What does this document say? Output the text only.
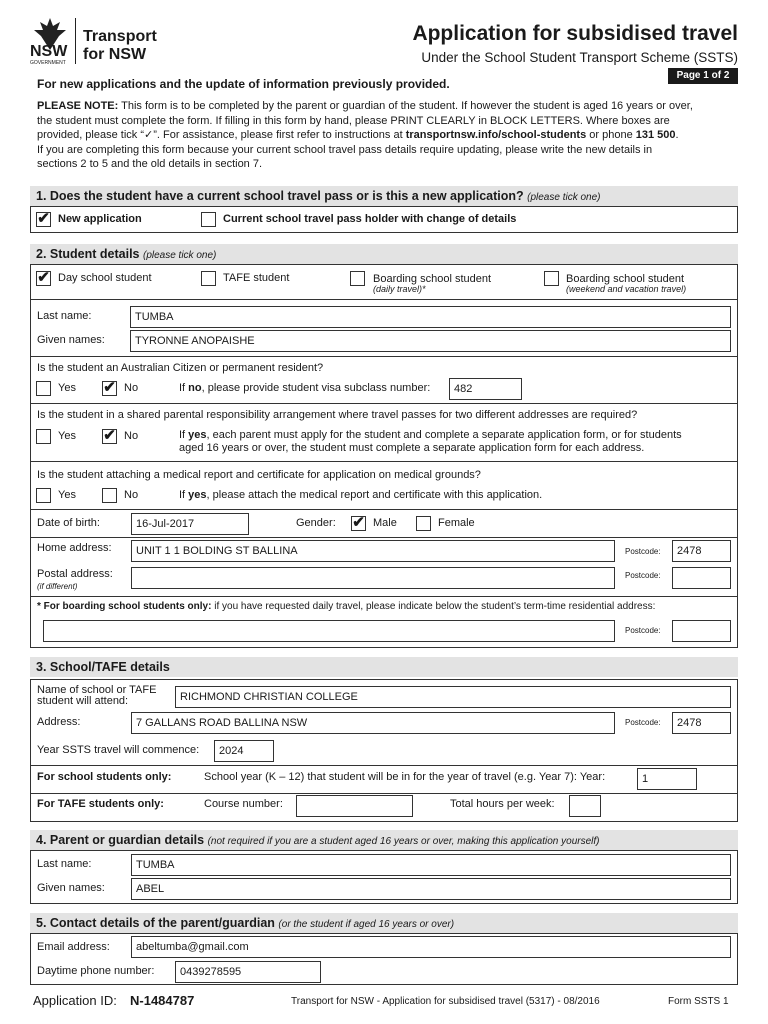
NSW
GOVERNMENT
Transport
for NSW
Application for subsidised travel
Under the School Student Transport Scheme (SSTS)
Page 1 of 2
For new applications and the update of information previously provided.
PLEASE NOTE: This form is to be completed by the parent or guardian of the student. If however the student is aged 16 years or over,
the student must complete the form. If filling in this form by hand, please PRINT CLEARLY in BLOCK LETTERS. Where boxes are
provided, please tick “✓”. For assistance, please first refer to instructions at transportnsw.info/school-students or phone 131 500.
If you are completing this form because your current school travel pass details require updating, please write the new details in
sections 2 to 5 and the old details in section 7.
1. Does the student have a current school travel pass or is this a new application? (please tick one)
✔ New application	Current school travel pass holder with change of details
2. Student details (please tick one)
✔ Day school student	TAFE student	Boarding school student
(daily travel)*
Boarding school student
(weekend and vacation travel)
Last name:	TUMBA
Given names:	TYRONNE ANOPAISHE
Is the student an Australian Citizen or permanent resident?
Yes ✔ No	If no, please provide student visa subclass number:	482
Is the student in a shared parental responsibility arrangement where travel passes for two different addresses are required?
Yes ✔ No	If yes, each parent must apply for the student and complete a separate application form, or for students
aged 16 years or over, the student must complete a separate application form for each address.
Is the student attaching a medical report and certificate for application on medical grounds?
Yes	No	If yes, please attach the medical report and certificate with this application.
Date of birth:	16-Jul-2017	Gender: ✔ Male	Female
Home address:	UNIT 1 1 BOLDING ST BALLINA	Postcode:	2478
Postal address:
(if different)
Postcode:
* For boarding school students only: if you have requested daily travel, please indicate below the student’s term-time residential address:
Postcode:
3. School/TAFE details
Name of school or TAFE
student will attend:	RICHMOND CHRISTIAN COLLEGE
Address:	7 GALLANS ROAD BALLINA NSW	Postcode:	2478
Year SSTS travel will commence:	2024
For school students only:	School year (K – 12) that student will be in for the year of travel (e.g. Year 7): Year:	1
For TAFE students only:	Course number:	Total hours per week:
4. Parent or guardian details (not required if you are a student aged 16 years or over, making this application yourself)
Last name:	TUMBA
Given names:	ABEL
5. Contact details of the parent/guardian (or the student if aged 16 years or over)
Email address:	abeltumba@gmail.com
Daytime phone number:	0439278595
Application ID: N-1484787	Transport for NSW - Application for subsidised travel (5317) - 08/2016	Form SSTS 1
